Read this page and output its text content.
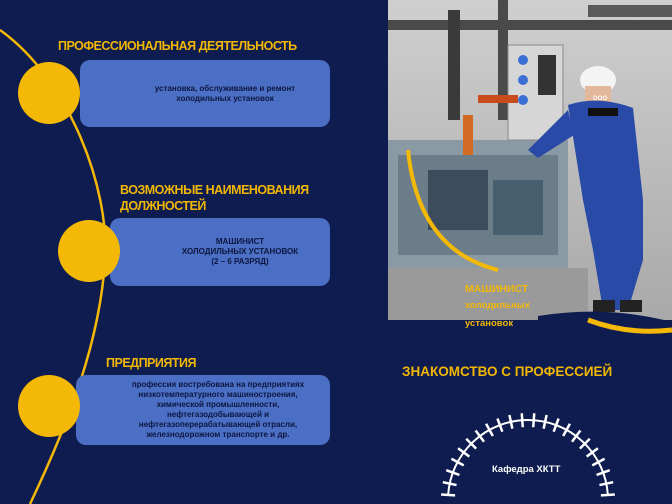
ПРОФЕССИОНАЛЬНАЯ ДЕЯТЕЛЬНОСТЬ
установка, обслуживание и ремонт холодильных установок
ВОЗМОЖНЫЕ НАИМЕНОВАНИЯ
ДОЛЖНОСТЕЙ
МАШИНИСТ
ХОЛОДИЛЬНЫХ УСТАНОВОК
(2 – 6 РАЗРЯД)
ПРЕДПРИЯТИЯ
профессия востребована на предприятиях низкотемпературного машиностроения, химической промышленности, нефтегазодобывающей и нефтегазоперерабатывающей отрасли, железнодорожном транспорте и др.
ООО
МАШИНИСТ
холодильных
установок
ЗНАКОМСТВО С ПРОФЕССИЕЙ
Кафедра ХКТТ
